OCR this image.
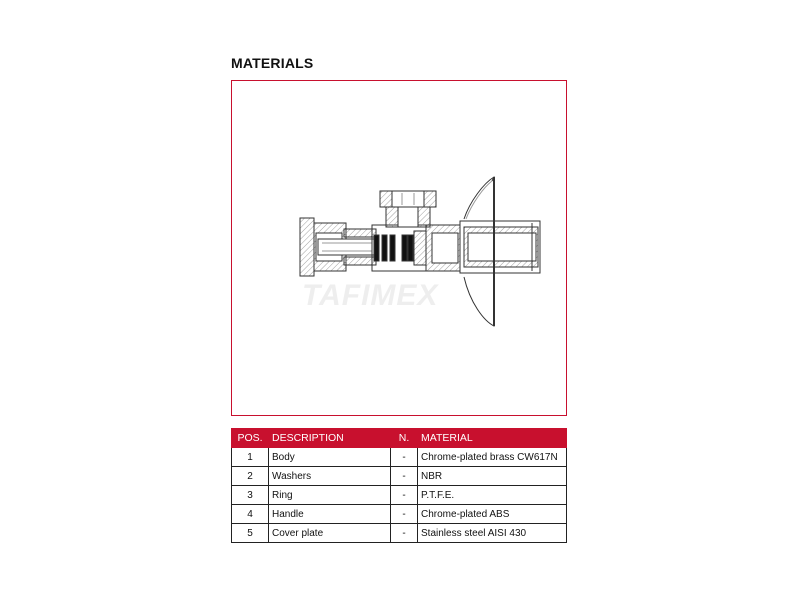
MATERIALS
TAFIMEX
POS.	DESCRIPTION	N.	MATERIAL
1	Body	-	Chrome-plated brass CW617N
2	Washers	-	NBR
3	Ring	-	P.T.F.E.
4	Handle	-	Chrome-plated ABS
5	Cover plate	-	Stainless steel AISI 430
